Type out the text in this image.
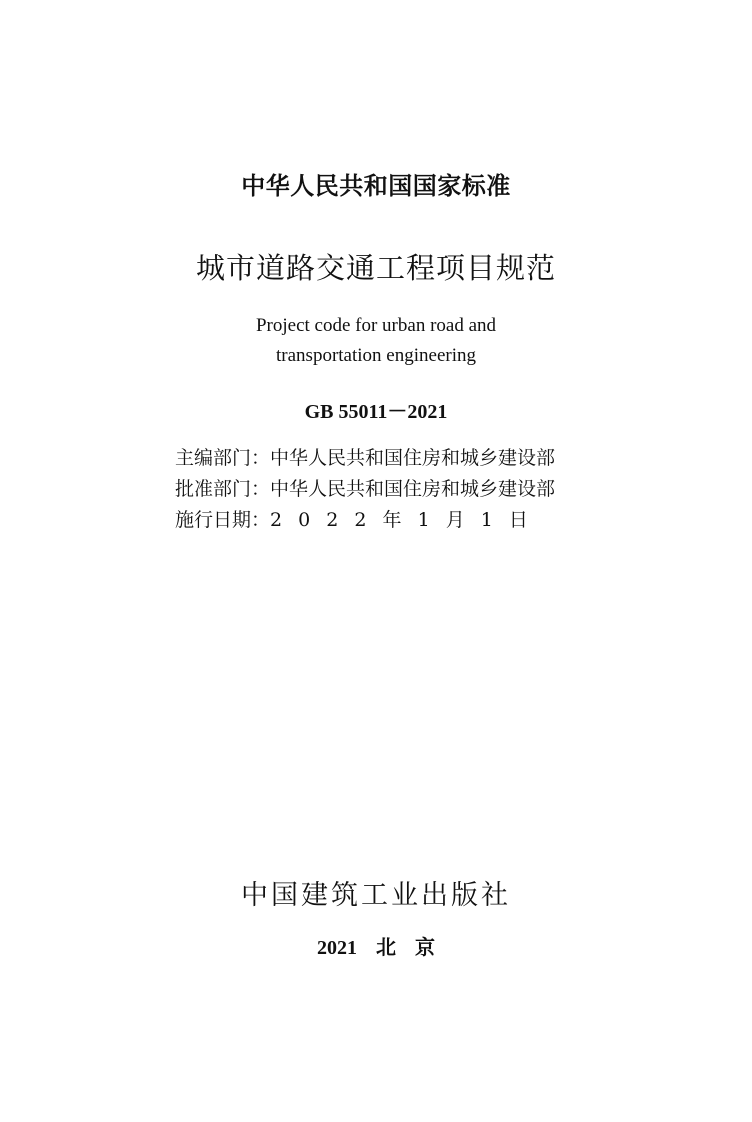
中华人民共和国国家标准
城市道路交通工程项目规范
Project code for urban road and
transportation engineering
GB 55011－2021
主编部门：中华人民共和国住房和城乡建设部
批准部门：中华人民共和国住房和城乡建设部
施行日期：2 0 2 2 年 1 月 1 日
中国建筑工业出版社
2021 北 京
